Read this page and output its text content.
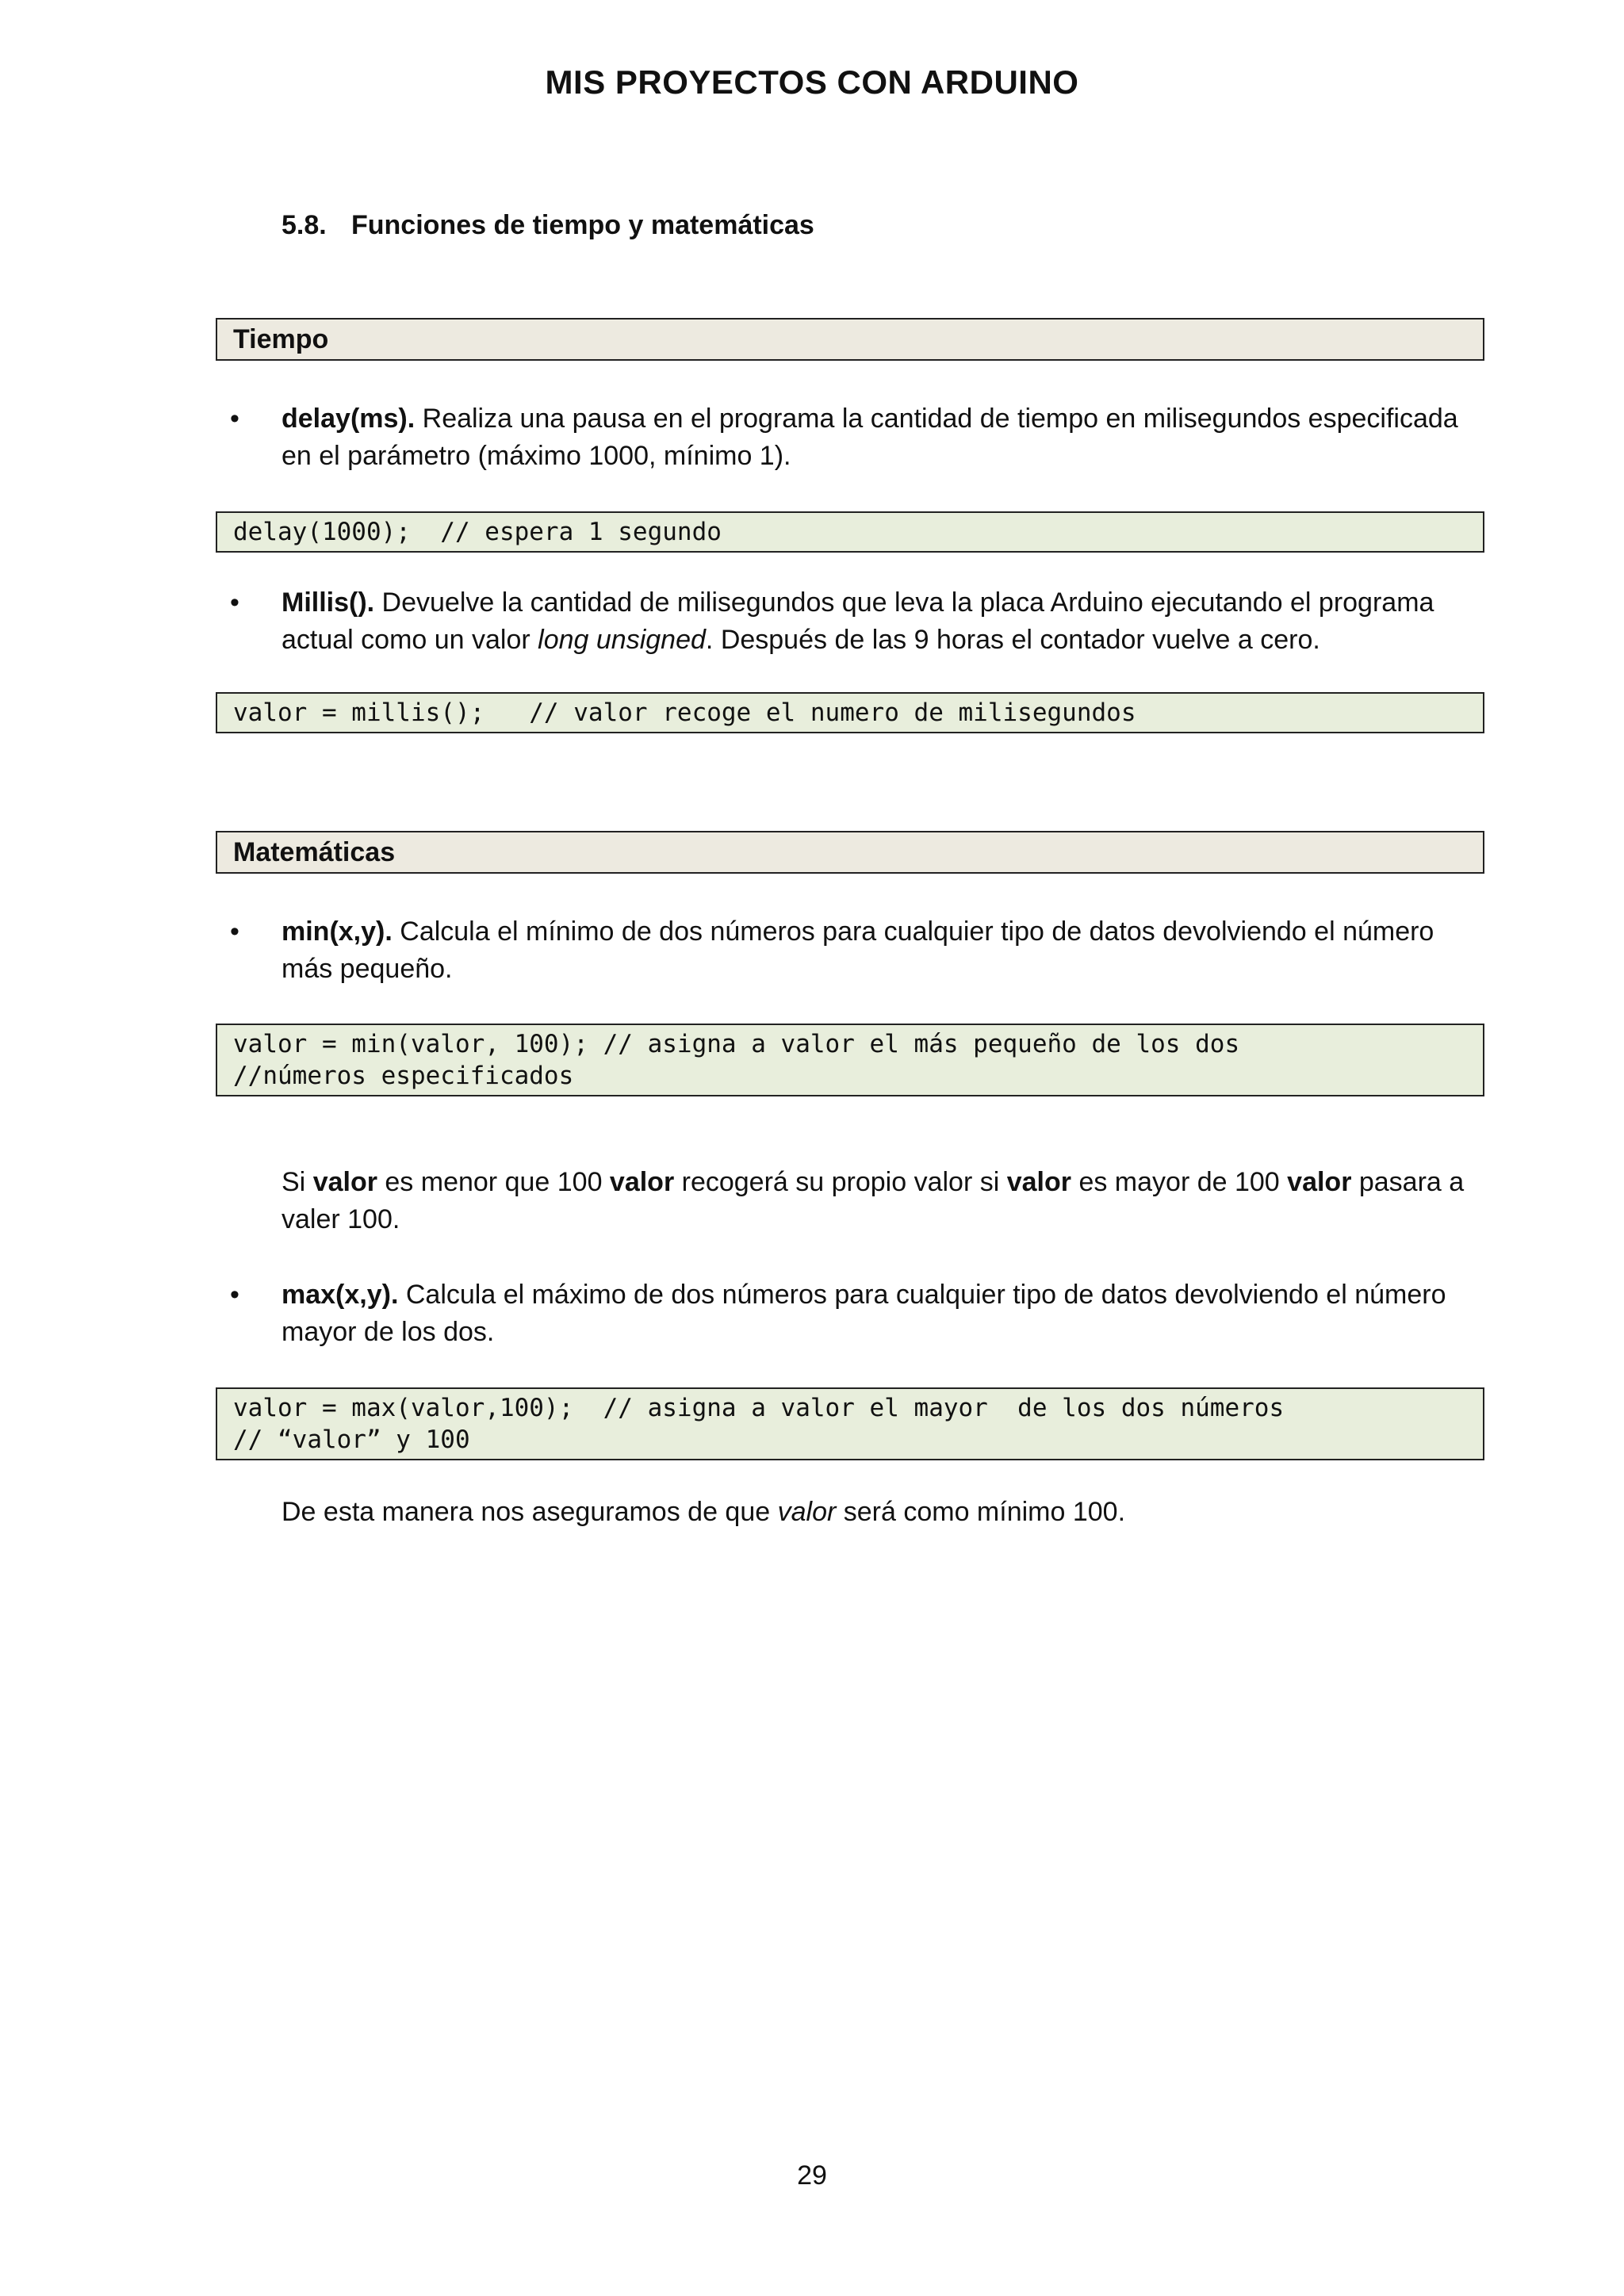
MIS PROYECTOS CON ARDUINO
5.8. Funciones de tiempo y matemáticas
Tiempo
•	delay(ms). Realiza una pausa en el programa la cantidad de tiempo en milisegundos especificada en el parámetro (máximo 1000, mínimo 1).
delay(1000);  // espera 1 segundo
•	Millis(). Devuelve la cantidad de milisegundos que leva la placa Arduino ejecutando el programa actual como un valor long unsigned. Después de las 9 horas el contador vuelve a cero.
valor = millis();   // valor recoge el numero de milisegundos
Matemáticas
•	min(x,y). Calcula el mínimo de dos números para cualquier tipo de datos devolviendo el número más pequeño.
valor = min(valor, 100); // asigna a valor el más pequeño de los dos
//números especificados
Si valor es menor que 100 valor recogerá su propio valor si valor es mayor de 100 valor pasara a valer 100.
•	max(x,y). Calcula el máximo de dos números para cualquier tipo de datos devolviendo el número mayor de los dos.
valor = max(valor,100);  // asigna a valor el mayor  de los dos números
// “valor” y 100
De esta manera nos aseguramos de que valor será como mínimo 100.
29
